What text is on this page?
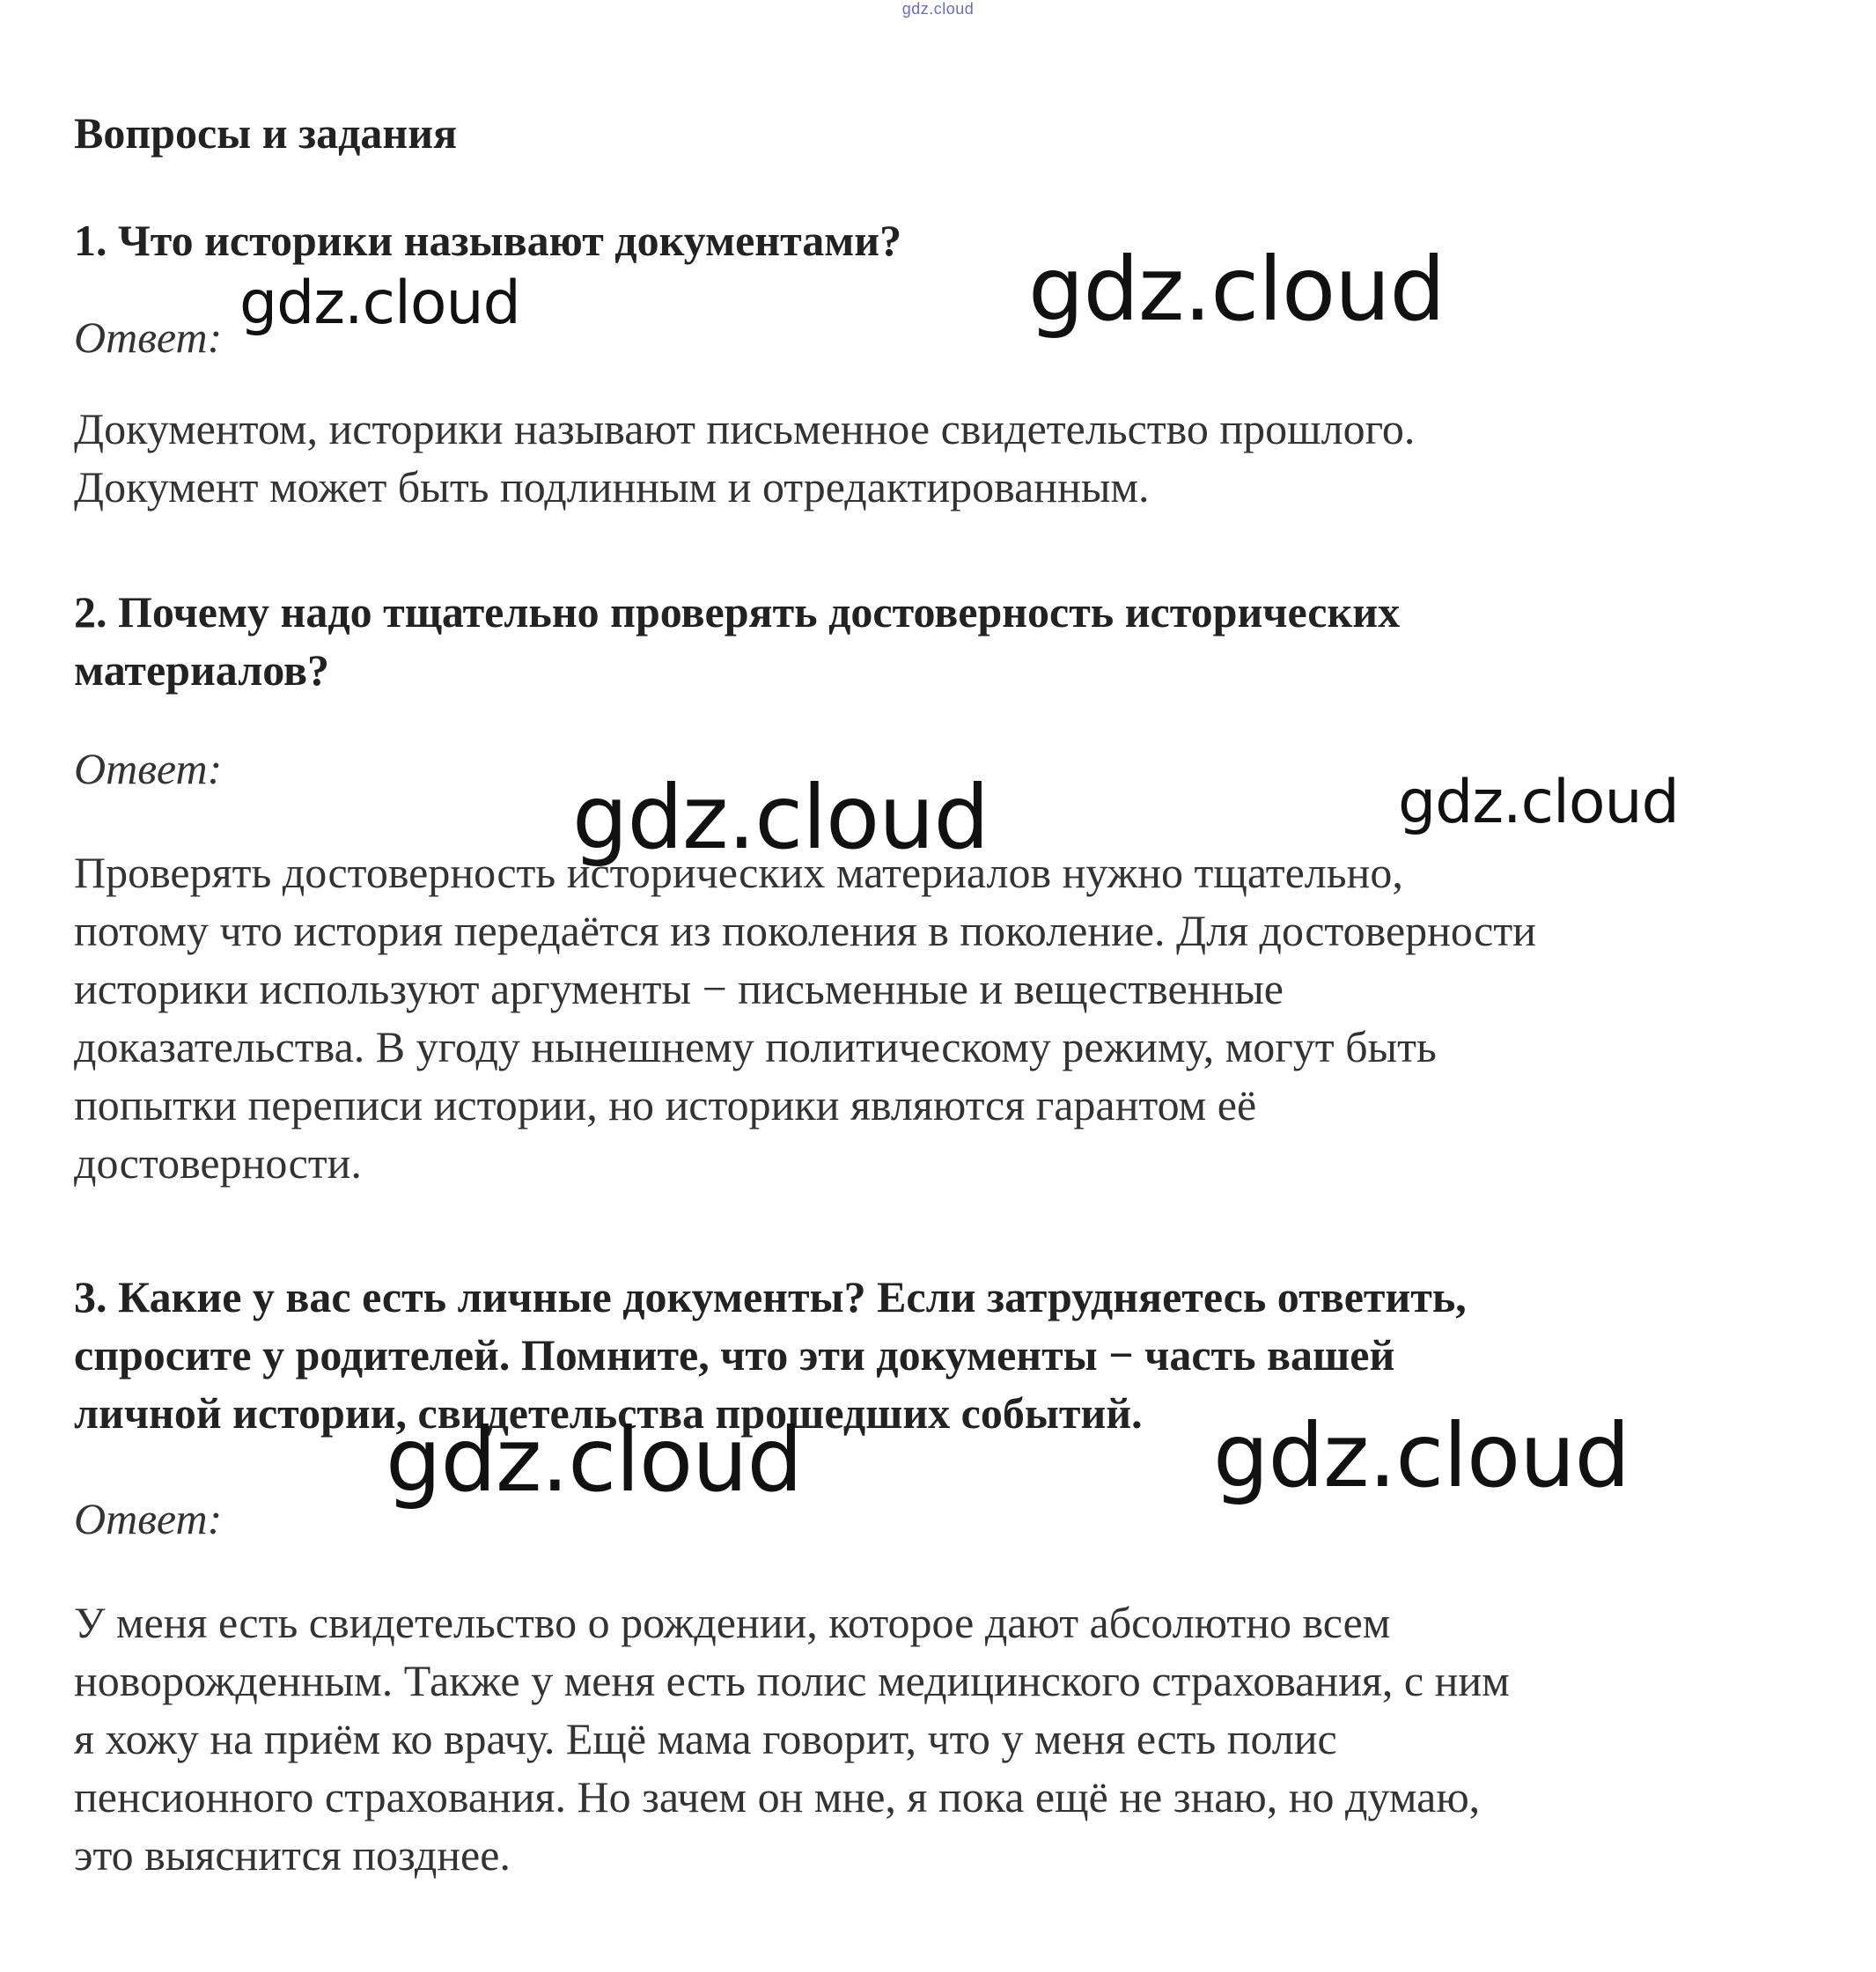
gdz.cloud

Вопросы и задания

1. Что историки называют документами?

Ответ:

Документом, историки называют письменное свидетельство прошлого.

Документ может быть подлинным и отредактированным.

2. Почему надо тщательно проверять достоверность исторических

материалов?

Ответ:

Проверять достоверность исторических материалов нужно тщательно,

потому что история передаётся из поколения в поколение. Для достоверности

историки используют аргументы − письменные и вещественные

доказательства. В угоду нынешнему политическому режиму, могут быть

попытки переписи истории, но историки являются гарантом её

достоверности.

3. Какие у вас есть личные документы? Если затрудняетесь ответить,

спросите у родителей. Помните, что эти документы − часть вашей

личной истории, свидетельства прошедших событий.

Ответ:

У меня есть свидетельство о рождении, которое дают абсолютно всем

новорожденным. Также у меня есть полис медицинского страхования, с ним

я хожу на приём ко врачу. Ещё мама говорит, что у меня есть полис

пенсионного страхования. Но зачем он мне, я пока ещё не знаю, но думаю,

это выяснится позднее.

gdz.cloud	gdz.cloud
gdz.cloud	gdz.cloud
gdz.cloud	gdz.cloud
